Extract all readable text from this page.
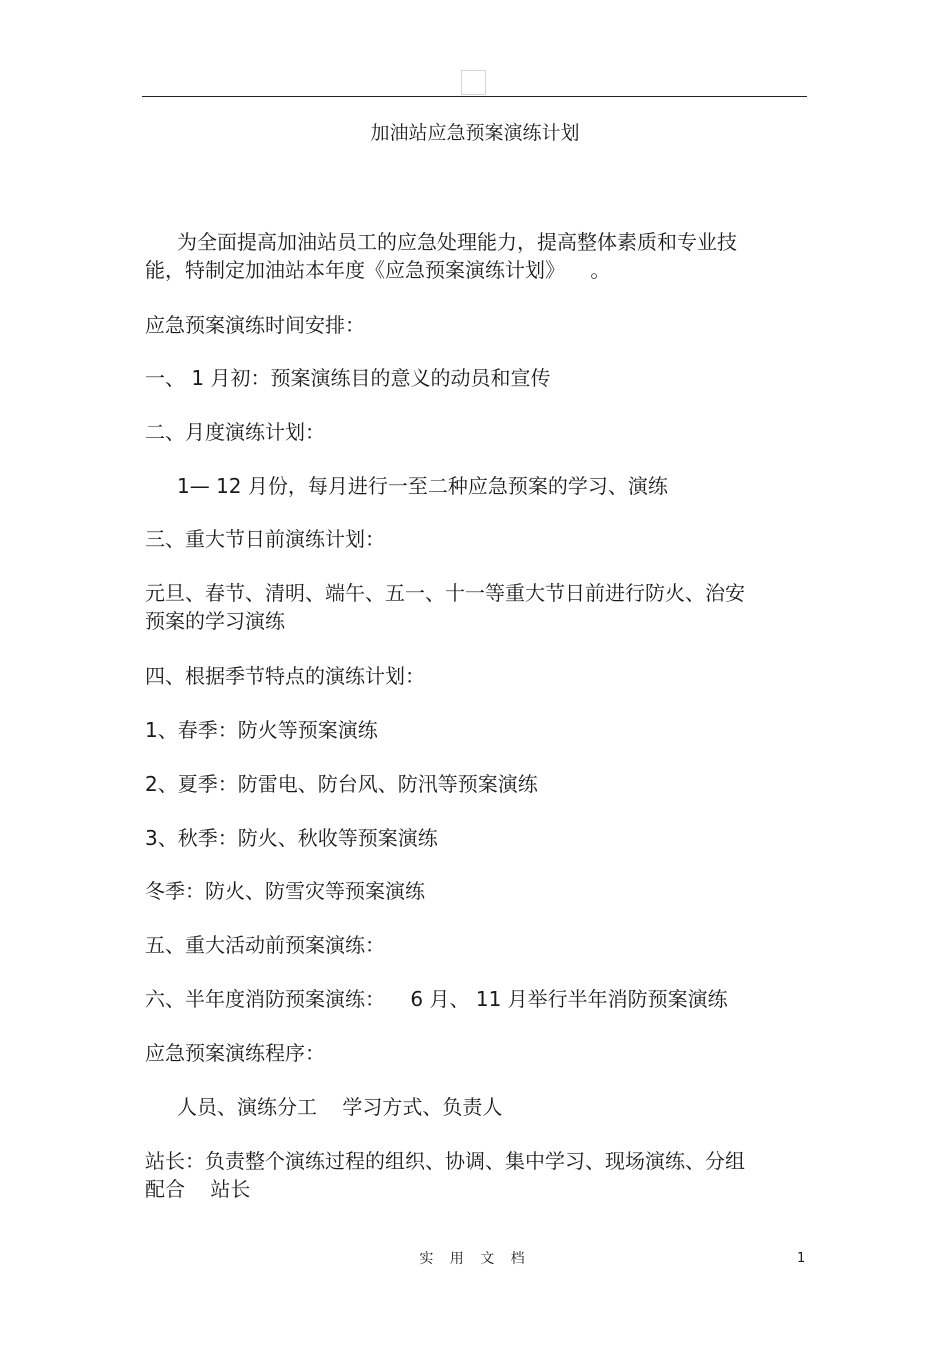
加油站应急预案演练计划

为全面提高加油站员工的应急处理能力，提高整体素质和专业技

能，特制定加油站本年度《应急预案演练计划》    。

应急预案演练时间安排：

一、 1 月初：预案演练目的意义的动员和宣传

二、月度演练计划：

1— 12 月份，每月进行一至二种应急预案的学习、演练

三、重大节日前演练计划：

元旦、春节、清明、端午、五一、十一等重大节日前进行防火、治安

预案的学习演练

四、根据季节特点的演练计划：

1、春季：防火等预案演练

2、夏季：防雷电、防台风、防汛等预案演练

3、秋季：防火、秋收等预案演练

冬季：防火、防雪灾等预案演练

五、重大活动前预案演练：

六、半年度消防预案演练：    6 月、 11 月举行半年消防预案演练

应急预案演练程序：

人员、演练分工    学习方式、负责人

站长：负责整个演练过程的组织、协调、集中学习、现场演练、分组

配合    站长

实 用 文 档	1
